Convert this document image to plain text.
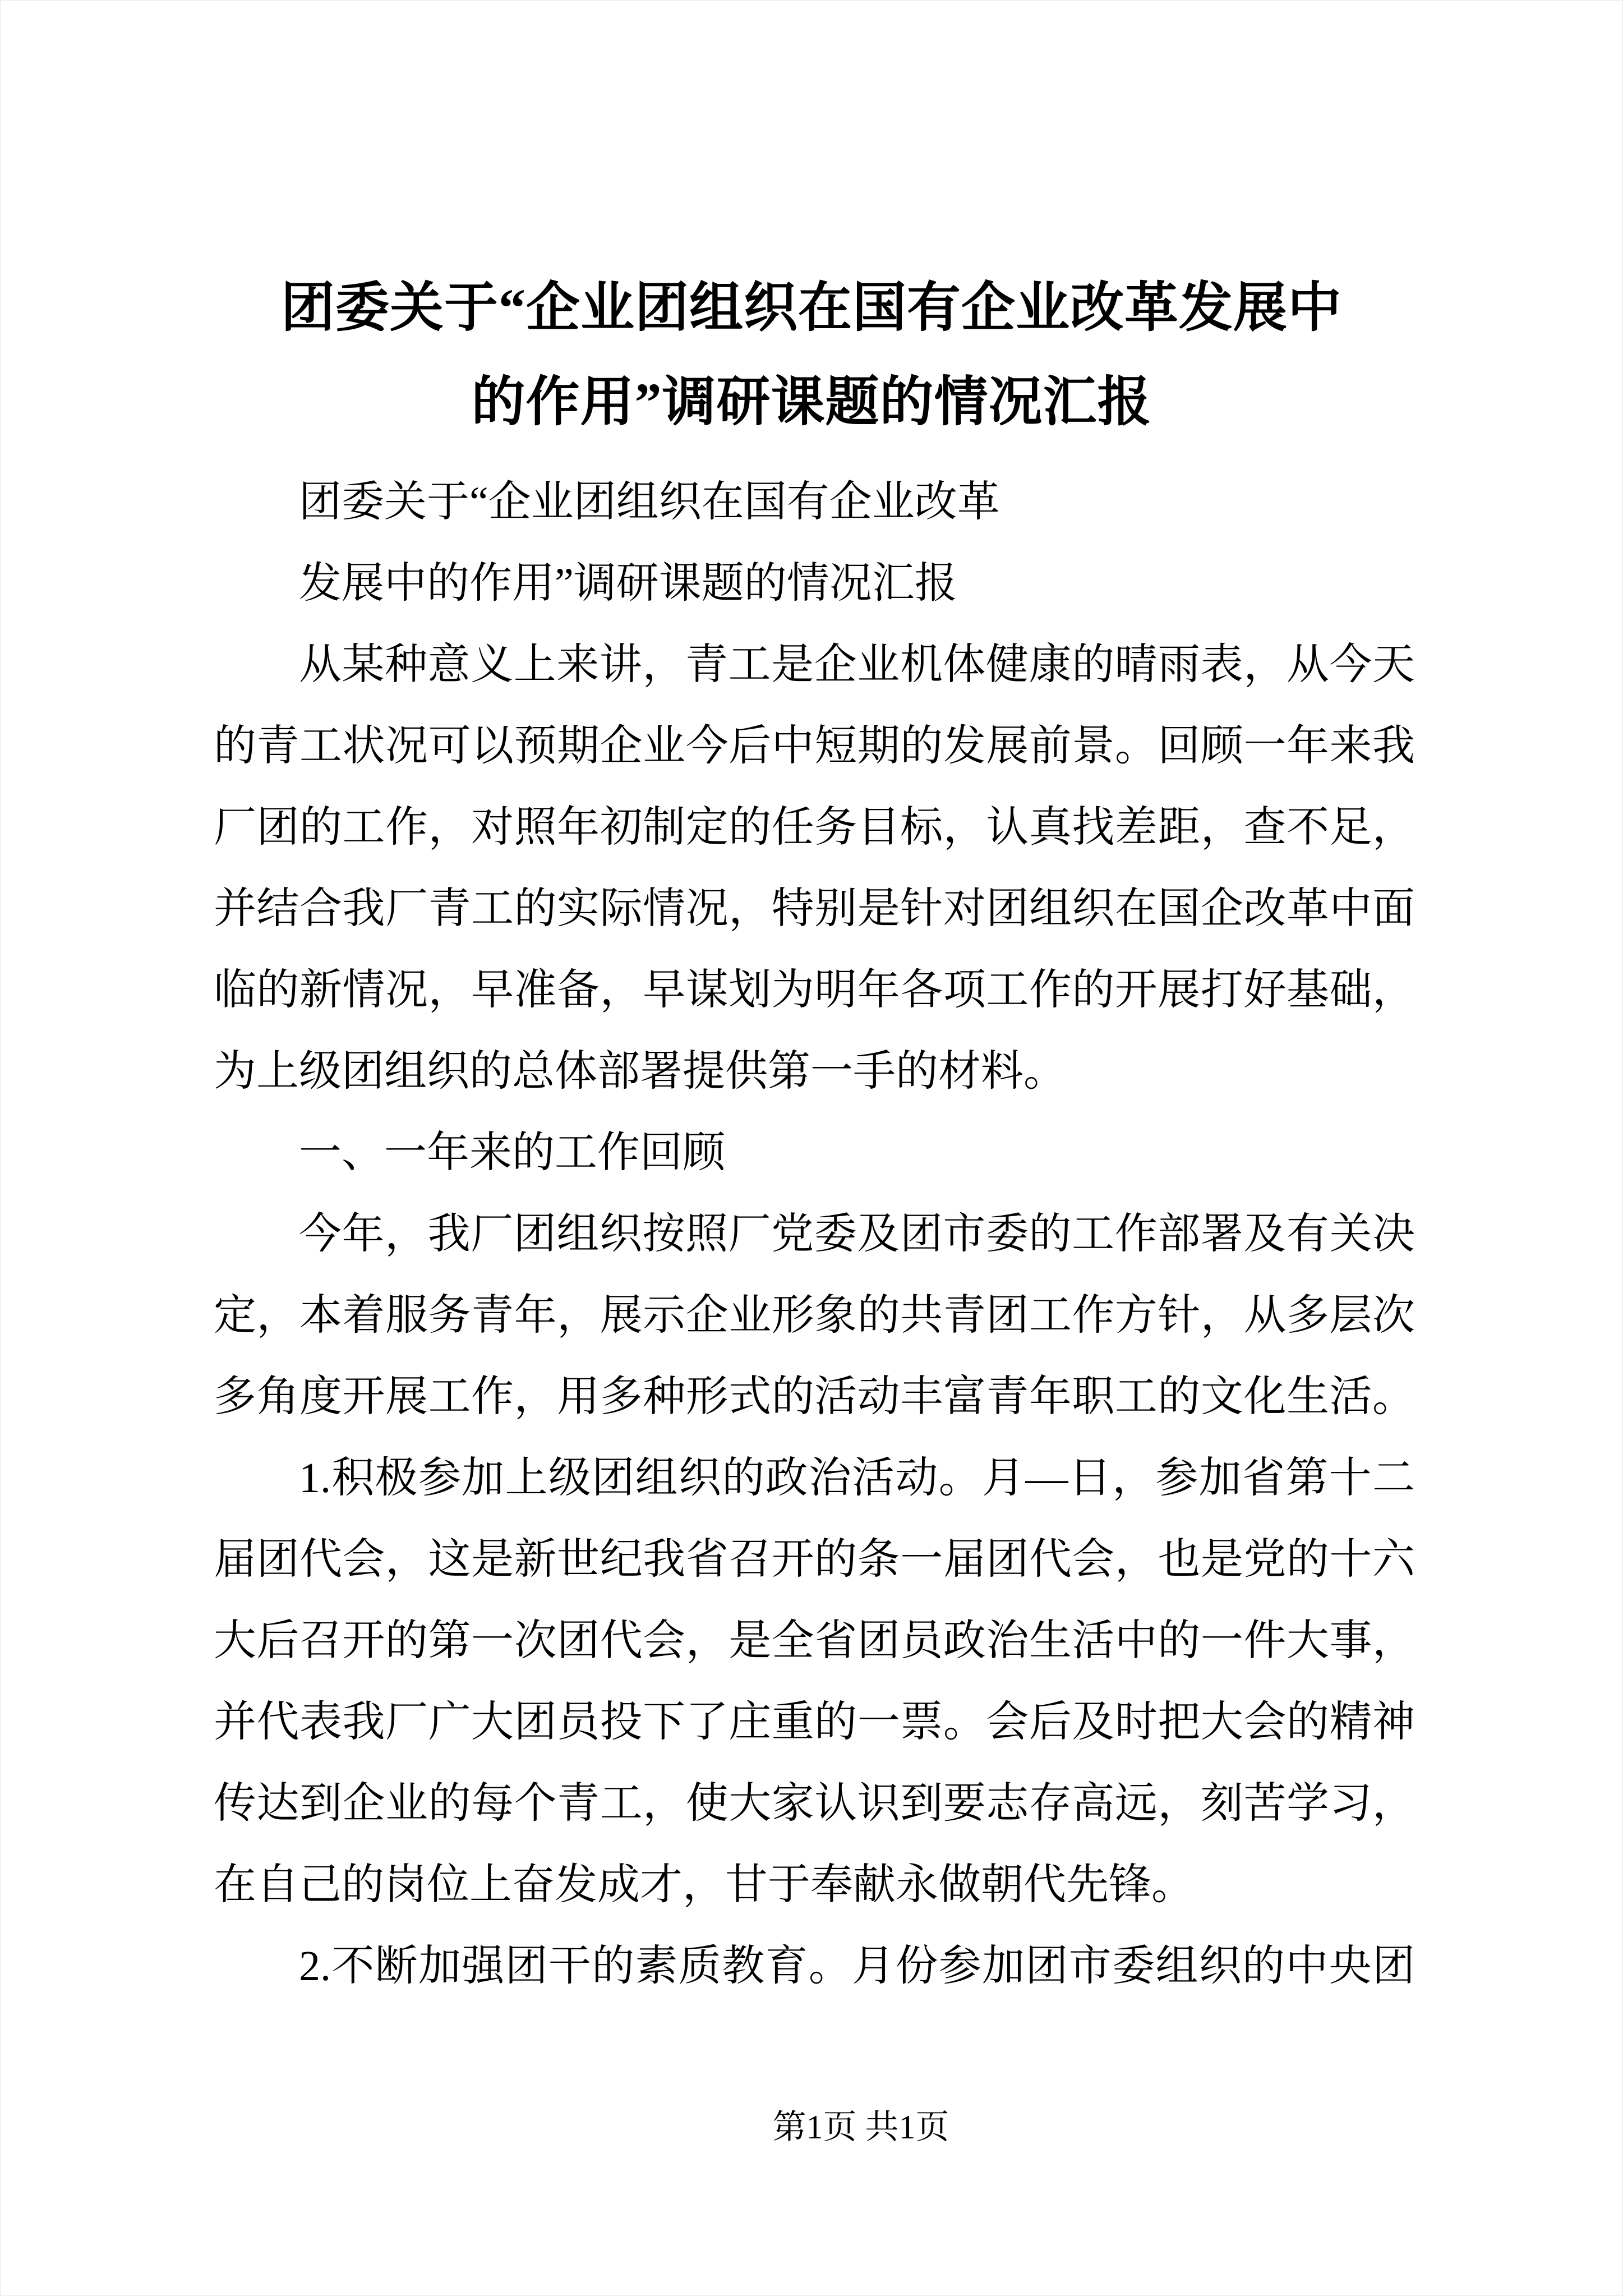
团委关于“企业团组织在国有企业改革发展中
的作用”调研课题的情况汇报
团委关于“企业团组织在国有企业改革
发展中的作用”调研课题的情况汇报
从某种意义上来讲，青工是企业机体健康的晴雨表，从今天
的青工状况可以预期企业今后中短期的发展前景。回顾一年来我
厂团的工作，对照年初制定的任务目标，认真找差距，查不足，
并结合我厂青工的实际情况，特别是针对团组织在国企改革中面
临的新情况，早准备，早谋划为明年各项工作的开展打好基础，
为上级团组织的总体部署提供第一手的材料。
一、一年来的工作回顾
今年，我厂团组织按照厂党委及团市委的工作部署及有关决
定，本着服务青年，展示企业形象的共青团工作方针，从多层次
多角度开展工作，用多种形式的活动丰富青年职工的文化生活。
1.积极参加上级团组织的政治活动。月—日，参加省第十二
届团代会，这是新世纪我省召开的条一届团代会，也是党的十六
大后召开的第一次团代会，是全省团员政治生活中的一件大事，
并代表我厂广大团员投下了庄重的一票。会后及时把大会的精神
传达到企业的每个青工，使大家认识到要志存高远，刻苦学习，
在自己的岗位上奋发成才，甘于奉献永做朝代先锋。
2.不断加强团干的素质教育。月份参加团市委组织的中央团
第1页 共1页
